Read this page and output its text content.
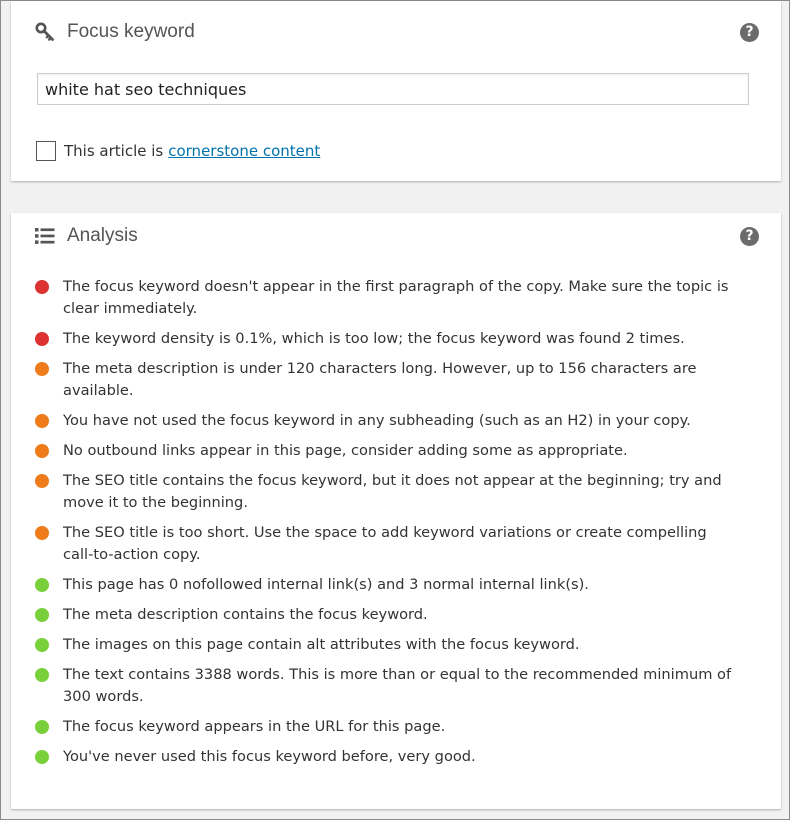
Focus keyword	?
white hat seo techniques
This article is cornerstone content
Analysis	?
The focus keyword doesn't appear in the first paragraph of the copy. Make sure the topic is clear immediately.
The keyword density is 0.1%, which is too low; the focus keyword was found 2 times.
The meta description is under 120 characters long. However, up to 156 characters are available.
You have not used the focus keyword in any subheading (such as an H2) in your copy.
No outbound links appear in this page, consider adding some as appropriate.
The SEO title contains the focus keyword, but it does not appear at the beginning; try and move it to the beginning.
The SEO title is too short. Use the space to add keyword variations or create compelling call-to-action copy.
This page has 0 nofollowed internal link(s) and 3 normal internal link(s).
The meta description contains the focus keyword.
The images on this page contain alt attributes with the focus keyword.
The text contains 3388 words. This is more than or equal to the recommended minimum of 300 words.
The focus keyword appears in the URL for this page.
You've never used this focus keyword before, very good.
